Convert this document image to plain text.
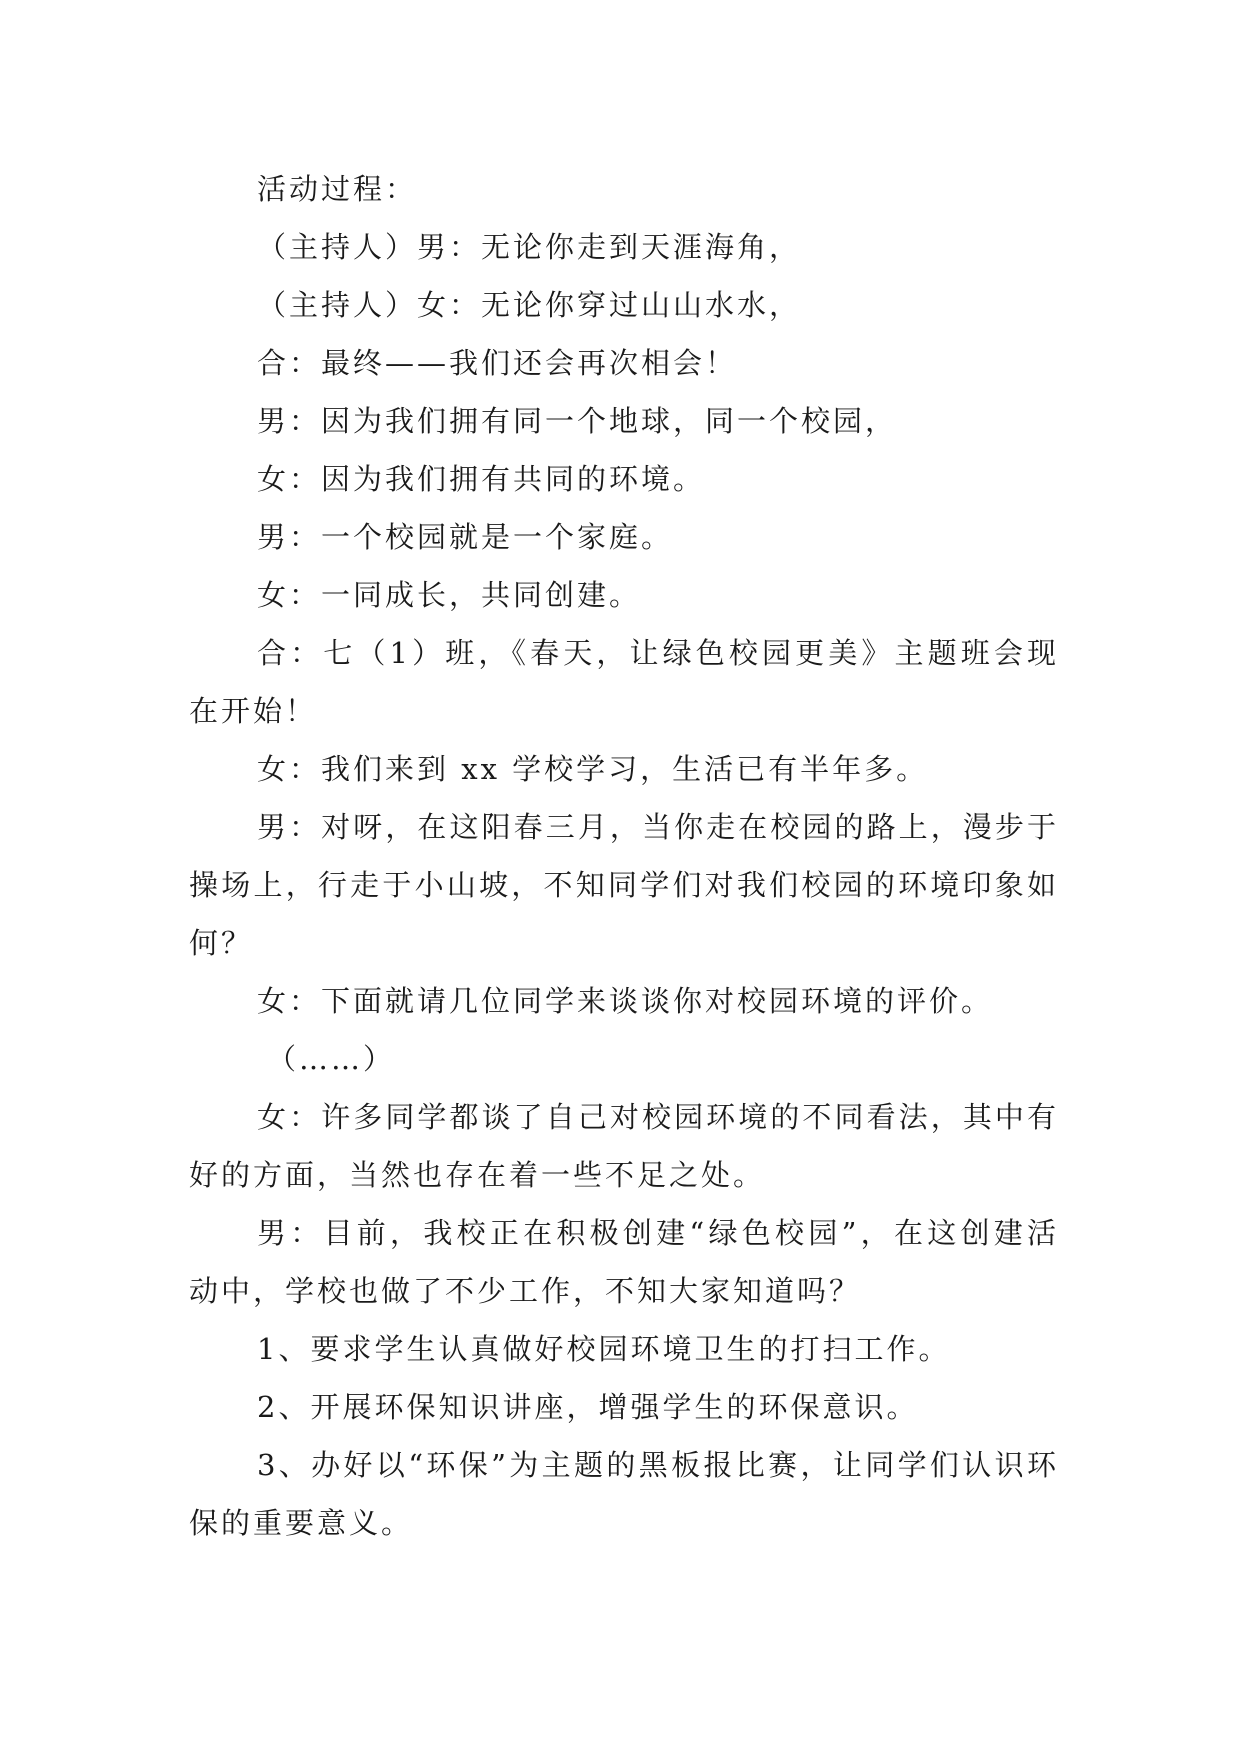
活动过程：

（主持人）男：无论你走到天涯海角，

（主持人）女：无论你穿过山山水水，

合：最终——我们还会再次相会！

男：因为我们拥有同一个地球，同一个校园，

女：因为我们拥有共同的环境。

男：一个校园就是一个家庭。

女：一同成长，共同创建。

合：七（1）班，《春天，让绿色校园更美》主题班会现在开始！

女：我们来到 xx 学校学习，生活已有半年多。

男：对呀，在这阳春三月，当你走在校园的路上，漫步于操场上，行走于小山坡，不知同学们对我们校园的环境印象如何？

女：下面就请几位同学来谈谈你对校园环境的评价。

（……）

女：许多同学都谈了自己对校园环境的不同看法，其中有好的方面，当然也存在着一些不足之处。

男：目前，我校正在积极创建“绿色校园”，在这创建活动中，学校也做了不少工作，不知大家知道吗？

1、要求学生认真做好校园环境卫生的打扫工作。

2、开展环保知识讲座，增强学生的环保意识。

3、办好以“环保”为主题的黑板报比赛，让同学们认识环保的重要意义。
